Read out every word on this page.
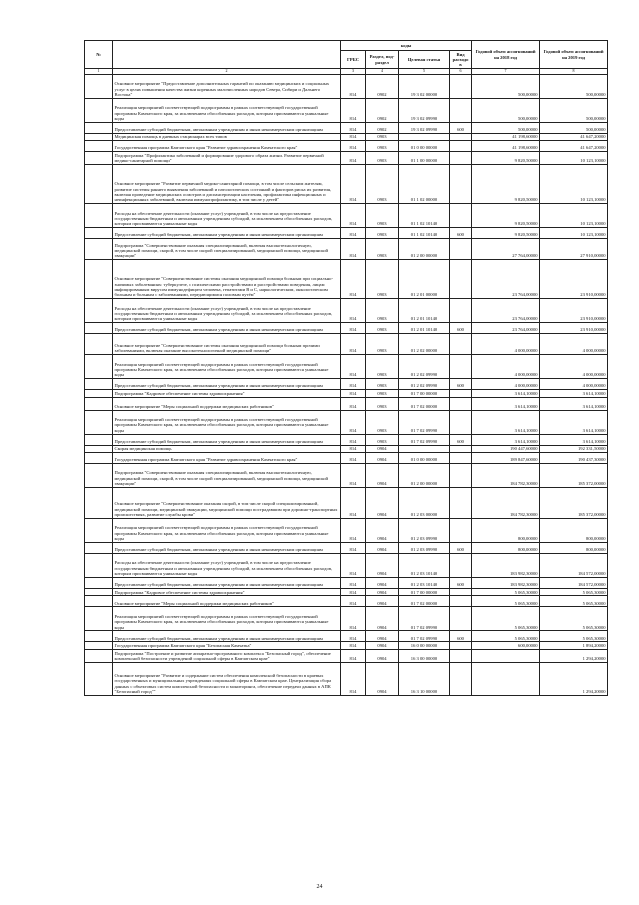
№		коды				Годовой объем ассигнований на 2018 год	Годовой объем ассигнований на 2019 год
		ГРБС	Раздел, под-раздел	Целевая статья	Вид расходов		
1	2	3	4	5	6	7	8
	Основное мероприятие "Предоставление дополнительных гарантий по оказанию медицинских и социальных услуг в целях повышения качества жизни коренных малочисленных народов Севера, Сибири и Дальнего Востока"	814	0902	19 3 02 00000		500,00000	500,00000
	Реализация мероприятий соответствующей подпрограммы в рамках соответствующей государственной программы Камчатского края, за исключением обособленных расходов, которым присваиваются уникальные коды	814	0902	19 3 02 09990		500,00000	500,00000
	Предоставление субсидий бюджетным, автономным учреждениям и иным некоммерческим организациям	814	0902	19 3 02 09990	600	500,00000	500,00000
	Медицинская помощь в дневных стационарах всех типов	814	0903			41 198,60000	41 647,20000
	Государственная программа Камчатского края "Развитие здравоохранения Камчатского края"	814	0903	01 0 00 00000		41 198,60000	41 647,20000
	Подпрограмма "Профилактика заболеваний и формирование здорового образа жизни. Развитие первичной медико-санитарной помощи"	814	0903	01 1 00 00000		9 820,50000	10 123,10000
	Основное мероприятие "Развитие первичной медико-санитарной помощи, в том числе сельским жителям, развитие системы раннего выявления заболеваний и патологических состояний и факторов риска их развития, включая проведение медицинских осмотров и диспансеризации населения, профилактика инфекционных и неинфекционных заболеваний, включая иммунопрофилактику, в том числе у детей"	814	0903	01 1 02 00000		9 820,50000	10 123,10000
	Расходы на обеспечение деятельности (оказание услуг) учреждений, в том числе на предоставление государственным бюджетным и автономным учреждениям субсидий, за исключением обособленных расходов, которым присваиваются уникальные коды	814	0903	01 1 02 10140		9 820,50000	10 123,10000
	Предоставление субсидий бюджетным, автономным учреждениям и иным некоммерческим организациям	814	0903	01 1 02 10140	600	9 820,50000	10 123,10000
	Подпрограмма "Совершенствование оказания специализированной, включая высокотехнологичную, медицинской помощи, скорой, в том числе скорой специализированной, медицинской помощи, медицинской эвакуации"	814	0903	01 2 00 00000		27 764,00000	27 910,00000
	Основное мероприятие "Совершенствование системы оказания медицинской помощи больным при социально-значимых заболеваниях: туберкулезе, с психическими расстройствами и расстройствами поведения, лицам инфицированным вирусом иммунодефицита человека, гепатитами В и С, наркологическим, онкологическим больным и больным с заболеваниями, передающимися половым путём"	814	0903	01 2 01 00000		23 764,00000	23 910,00000
	Расходы на обеспечение деятельности (оказание услуг) учреждений, в том числе на предоставление государственным бюджетным и автономным учреждениям субсидий, за исключением обособленных расходов, которым присваиваются уникальные коды	814	0903	01 2 01 10140		23 764,00000	23 910,00000
	Предоставление субсидий бюджетным, автономным учреждениям и иным некоммерческим организациям	814	0903	01 2 01 10140	600	23 764,00000	23 910,00000
	Основное мероприятие "Совершенствование системы оказания медицинской помощи больным прочими заболеваниями, включая оказание высокотехнологичной медицинской помощи"	814	0903	01 2 02 00000		4 000,00000	4 000,00000
	Реализация мероприятий соответствующей подпрограммы в рамках соответствующей государственной программы Камчатского края, за исключением обособленных расходов, которым присваиваются уникальные коды	814	0903	01 2 02 09990		4 000,00000	4 000,00000
	Предоставление субсидий бюджетным, автономным учреждениям и иным некоммерческим организациям	814	0903	01 2 02 09990	600	4 000,00000	4 000,00000
	Подпрограмма "Кадровое обеспечение системы здравоохранения"	814	0903	01 7 00 00000		3 614,10000	3 614,10000
	Основное мероприятие "Меры социальной поддержки медицинских работников"	814	0903	01 7 02 00000		3 614,10000	3 614,10000
	Реализация мероприятий соответствующей подпрограммы в рамках соответствующей государственной программы Камчатского края, за исключением обособленных расходов, которым присваиваются уникальные коды	814	0903	01 7 02 09990		3 614,10000	3 614,10000
	Предоставление субсидий бюджетным, автономным учреждениям и иным некоммерческим организациям	814	0903	01 7 02 09990	600	3 614,10000	3 614,10000
	Скорая медицинская помощь	814	0904			190 447,60000	192 331,50000
	Государственная программа Камчатского края "Развитие здравоохранения Камчатского края"	814	0904	01 0 00 00000		189 847,60000	190 437,30000
	Подпрограмма "Совершенствование оказания специализированной, включая высокотехнологичную, медицинской помощи, скорой, в том числе скорой специализированной, медицинской помощи, медицинской эвакуации"	814	0904	01 2 00 00000		184 782,30000	185 372,00000
	Основное мероприятие "Совершенствование оказания скорой, в том числе скорой специализированной, медицинской помощи, медицинской эвакуации, медицинской помощи пострадавшим при дорожно-транспортных происшествиях, развитие службы крови"	814	0904	01 2 03 00000		184 782,30000	185 372,00000
	Реализация мероприятий соответствующей подпрограммы в рамках соответствующей государственной программы Камчатского края, за исключением обособленных расходов, которым присваиваются уникальные коды	814	0904	01 2 03 09990		800,00000	800,00000
	Предоставление субсидий бюджетным, автономным учреждениям и иным некоммерческим организациям	814	0904	01 2 03 09990	600	800,00000	800,00000
	Расходы на обеспечение деятельности (оказание услуг) учреждений, в том числе на предоставление государственным бюджетным и автономным учреждениям субсидий, за исключением обособленных расходов, которым присваиваются уникальные коды	814	0904	01 2 03 10140		183 982,30000	184 572,00000
	Предоставление субсидий бюджетным, автономным учреждениям и иным некоммерческим организациям	814	0904	01 2 03 10140	600	183 982,30000	184 572,00000
	Подпрограмма "Кадровое обеспечение системы здравоохранения"	814	0904	01 7 00 00000		5 065,30000	5 065,30000
	Основное мероприятие "Меры социальной поддержки медицинских работников"	814	0904	01 7 02 00000		5 065,30000	5 065,30000
	Реализация мероприятий соответствующей подпрограммы в рамках соответствующей государственной программы Камчатского края, за исключением обособленных расходов, которым присваиваются уникальные коды	814	0904	01 7 02 09990		5 065,30000	5 065,30000
	Предоставление субсидий бюджетным, автономным учреждениям и иным некоммерческим организациям	814	0904	01 7 02 09990	600	5 065,30000	5 065,30000
	Государственная программа Камчатского края "Безопасная Камчатка"	814	0904	16 0 00 00000		600,00000	1 894,20000
	Подпрограмма "Построение и развитие аппаратно-программного комплекса "Безопасный город", обеспечение комплексной безопасности учреждений социальной сферы в Камчатском крае"	814	0904	16 3 00 00000			1 294,20000
	Основное мероприятие "Развитие и содержание систем обеспечения комплексной безопасности в краевых государственных и муниципальных учреждениях социальной сферы в Камчатском крае. Централизация сбора данных с объектовых систем комплексной безопасности и мониторинга, обеспечение передачи данных в АПК "Безопасный город""	814	0904	16 3 10 00000			1 294,20000
24
